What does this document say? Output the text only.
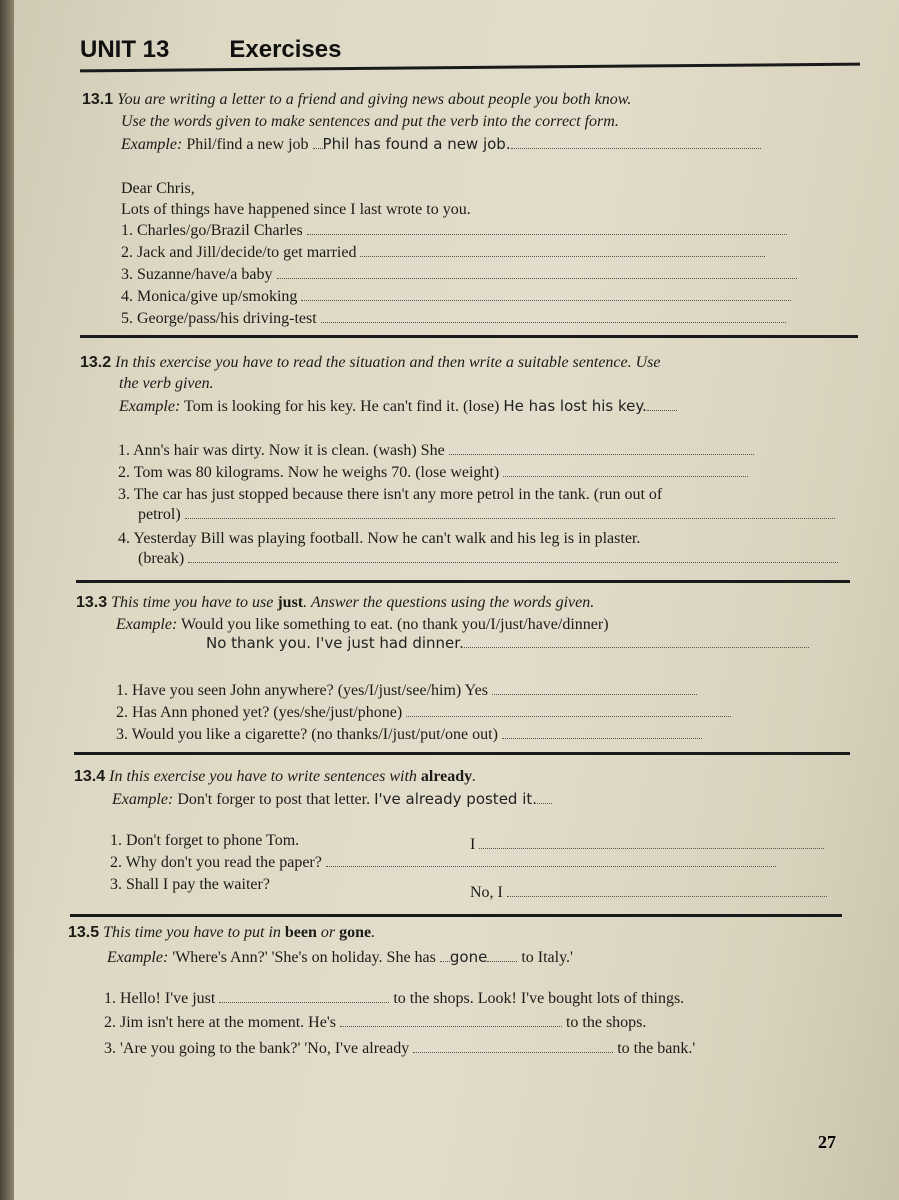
UNIT 13	Exercises
13.1 You are writing a letter to a friend and giving news about people you both know.
Use the words given to make sentences and put the verb into the correct form.
Example: Phil/find a new job Phil has found a new job.
Dear Chris,
Lots of things have happened since I last wrote to you.
1. Charles/go/Brazil Charles
2. Jack and Jill/decide/to get married
3. Suzanne/have/a baby
4. Monica/give up/smoking
5. George/pass/his driving-test
13.2 In this exercise you have to read the situation and then write a suitable sentence. Use
the verb given.
Example: Tom is looking for his key. He can't find it. (lose) He has lost his key.
1. Ann's hair was dirty. Now it is clean. (wash) She
2. Tom was 80 kilograms. Now he weighs 70. (lose weight)
3. The car has just stopped because there isn't any more petrol in the tank. (run out of
petrol)
4. Yesterday Bill was playing football. Now he can't walk and his leg is in plaster.
(break)
13.3 This time you have to use just. Answer the questions using the words given.
Example: Would you like something to eat. (no thank you/I/just/have/dinner)
No thank you. I've just had dinner.
1. Have you seen John anywhere? (yes/I/just/see/him) Yes
2. Has Ann phoned yet? (yes/she/just/phone)
3. Would you like a cigarette? (no thanks/I/just/put/one out)
13.4 In this exercise you have to write sentences with already.
Example: Don't forger to post that letter. I've already posted it.
1. Don't forget to phone Tom.	I
2. Why don't you read the paper?
3. Shall I pay the waiter?	No, I
13.5 This time you have to put in been or gone.
Example: 'Where's Ann?' 'She's on holiday. She has gone to Italy.'
1. Hello! I've just	to the shops. Look! I've bought lots of things.
2. Jim isn't here at the moment. He's	to the shops.
3. 'Are you going to the bank?' 'No, I've already	to the bank.'
27
